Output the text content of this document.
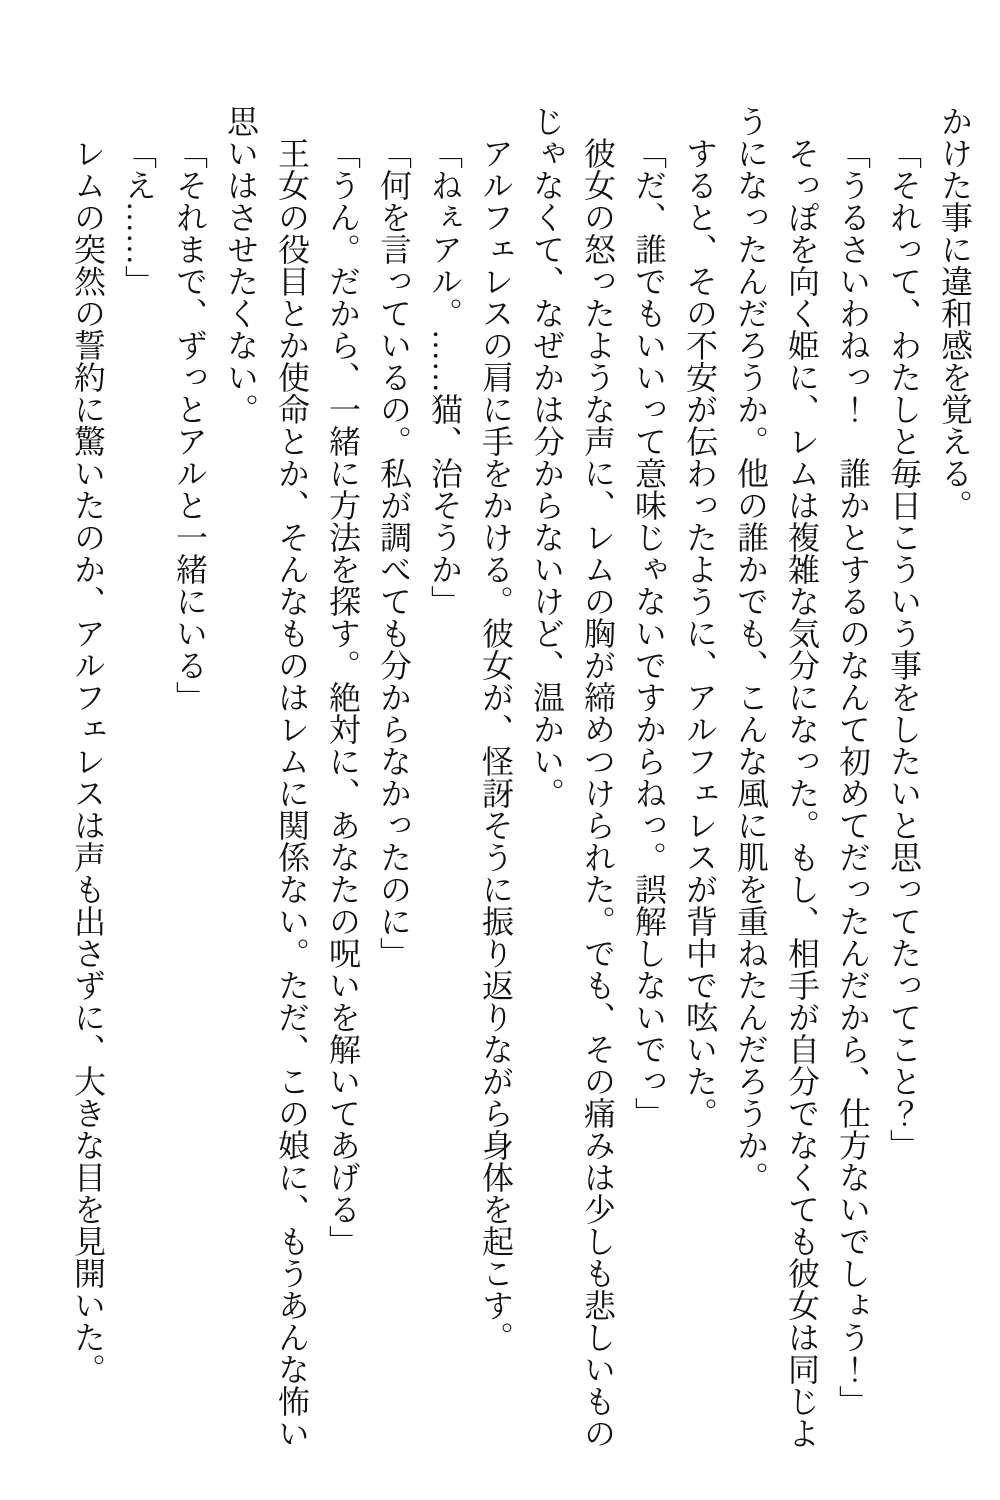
かけた事に違和感を覚える。

「それって、わたしと毎日こういう事をしたいと思ってたってこと？」

「うるさいわねっ！　誰かとするのなんて初めてだったんだから、仕方ないでしょう！」

そっぽを向く姫に、レムは複雑な気分になった。もし、相手が自分でなくても彼女は同じようになったんだろうか。他の誰かでも、こんな風に肌を重ねたんだろうか。

すると、その不安が伝わったように、アルフェレスが背中で呟いた。

「だ、誰でもいいって意味じゃないですからねっ。誤解しないでっ」

彼女の怒ったような声に、レムの胸が締めつけられた。でも、その痛みは少しも悲しいものじゃなくて、なぜかは分からないけど、温かい。

アルフェレスの肩に手をかける。彼女が、怪訝そうに振り返りながら身体を起こす。

「ねぇアル。……猫、治そうか」

「何を言っているの。私が調べても分からなかったのに」

「うん。だから、一緒に方法を探す。絶対に、あなたの呪いを解いてあげる」

王女の役目とか使命とか、そんなものはレムに関係ない。ただ、この娘に、もうあんな怖い思いはさせたくない。

「それまで、ずっとアルと一緒にいる」

「え……」

レムの突然の誓約に驚いたのか、アルフェレスは声も出さずに、大きな目を見開いた。
